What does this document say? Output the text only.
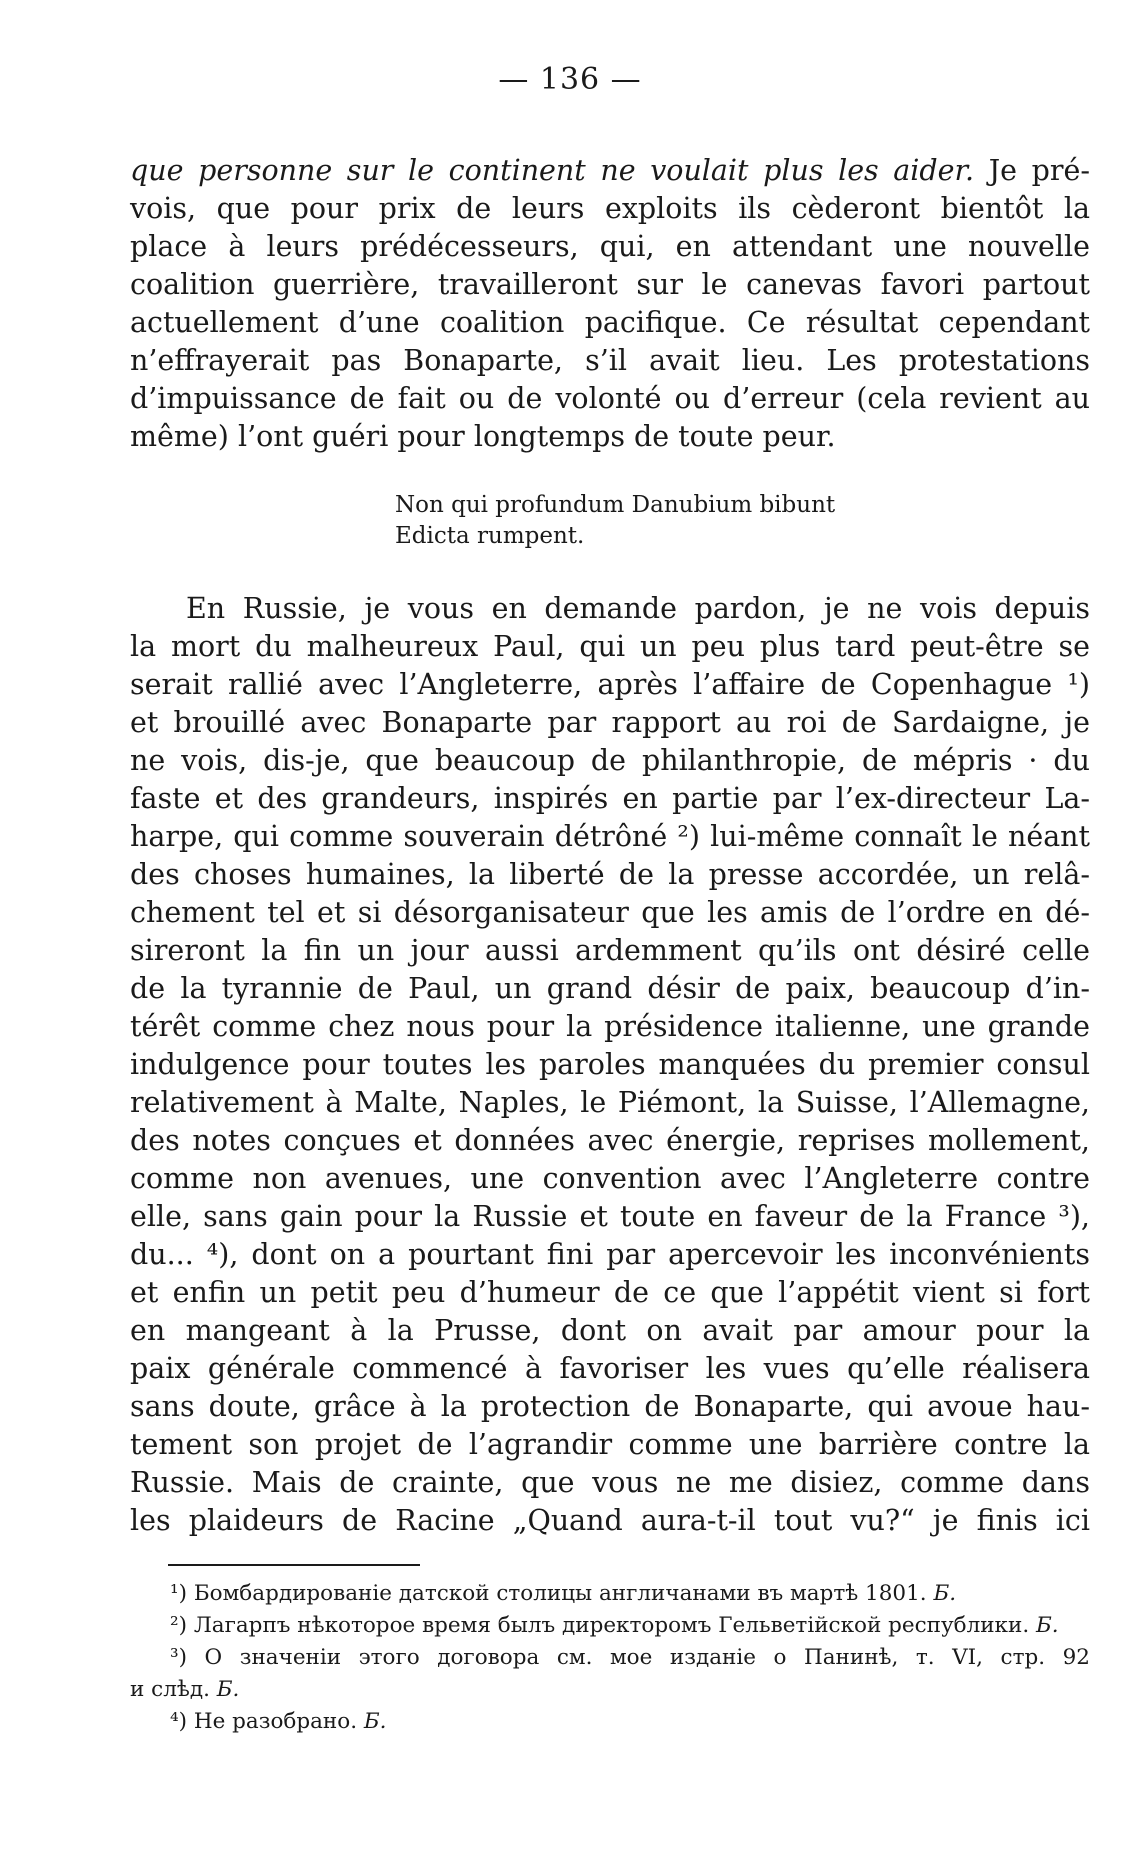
— 136 —
que personne sur le continent ne voulait plus les aider. Je pré-
vois, que pour prix de leurs exploits ils cèderont bientôt la
place à leurs prédécesseurs, qui, en attendant une nouvelle
coalition guerrière, travailleront sur le canevas favori partout
actuellement d’une coalition pacifique. Ce résultat cependant
n’effrayerait pas Bonaparte, s’il avait lieu. Les protestations
d’impuissance de fait ou de volonté ou d’erreur (cela revient au
même) l’ont guéri pour longtemps de toute peur.
Non qui profundum Danubium bibunt
Edicta rumpent.
En Russie, je vous en demande pardon, je ne vois depuis
la mort du malheureux Paul, qui un peu plus tard peut-être se
serait rallié avec l’Angleterre, après l’affaire de Copenhague ¹)
et brouillé avec Bonaparte par rapport au roi de Sardaigne, je
ne vois, dis-je, que beaucoup de philanthropie, de mépris · du
faste et des grandeurs, inspirés en partie par l’ex-directeur La-
harpe, qui comme souverain détrôné ²) lui-même connaît le néant
des choses humaines, la liberté de la presse accordée, un relâ-
chement tel et si désorganisateur que les amis de l’ordre en dé-
sireront la fin un jour aussi ardemment qu’ils ont désiré celle
de la tyrannie de Paul, un grand désir de paix, beaucoup d’in-
térêt comme chez nous pour la présidence italienne, une grande
indulgence pour toutes les paroles manquées du premier consul
relativement à Malte, Naples, le Piémont, la Suisse, l’Allemagne,
des notes conçues et données avec énergie, reprises mollement,
comme non avenues, une convention avec l’Angleterre contre
elle, sans gain pour la Russie et toute en faveur de la France ³),
du... ⁴), dont on a pourtant fini par apercevoir les inconvénients
et enfin un petit peu d’humeur de ce que l’appétit vient si fort
en mangeant à la Prusse, dont on avait par amour pour la
paix générale commencé à favoriser les vues qu’elle réalisera
sans doute, grâce à la protection de Bonaparte, qui avoue hau-
tement son projet de l’agrandir comme une barrière contre la
Russie. Mais de crainte, que vous ne me disiez, comme dans
les plaideurs de Racine „Quand aura-t-il tout vu?“ je finis ici
¹) Бомбардированіе датской столицы англичанами въ мартѣ 1801. Б.
²) Лагарпъ нѣкоторое время былъ директоромъ Гельветійской республики. Б.
³) О значеніи этого договора см. мое изданіе о Панинѣ, т. VI, стр. 92
и слѣд. Б.
⁴) Не разобрано. Б.
